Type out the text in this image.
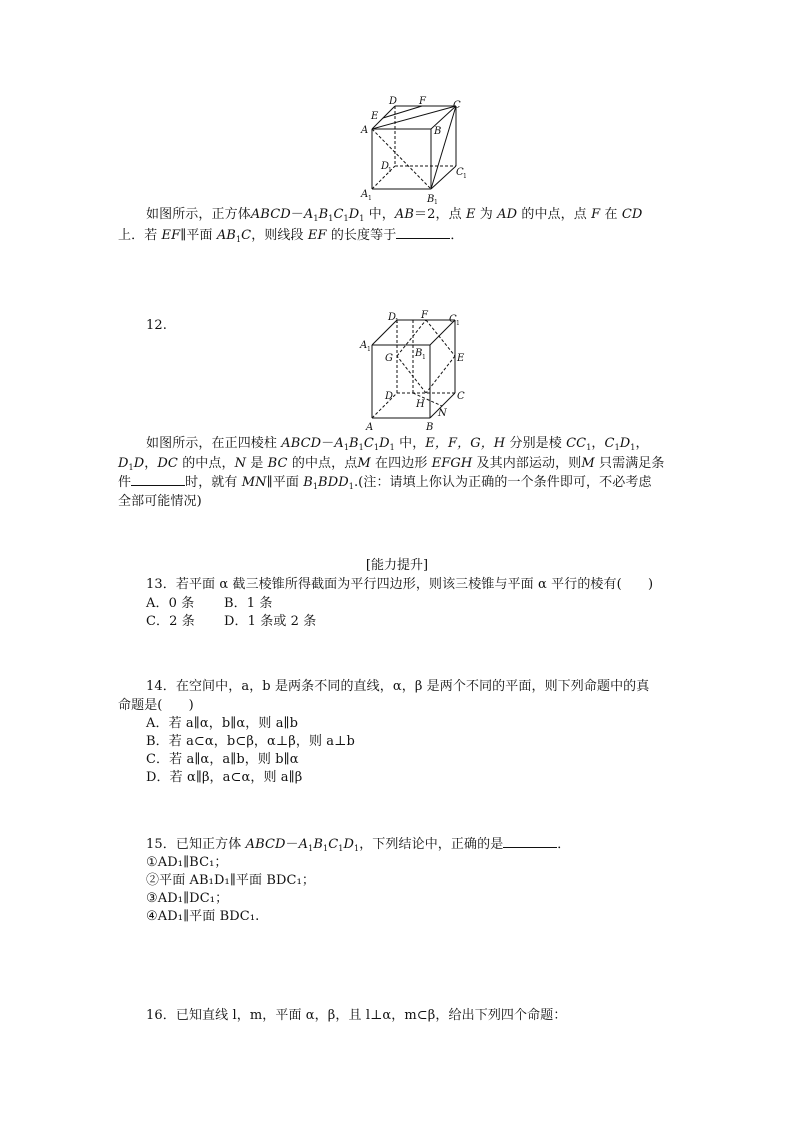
D F	C
E
A	B
D
1	C 1
A 1	B 1
如图所示，正方体$ABCD-A_1B_1C_1D_1$ 中，AB＝2，点 E 为 AD 的中点，点 F 在 CD
上．若 EF∥平面 $AB_1C$，则线段 EF 的长度等于	．
12.
D
1
F C 1
A 1
G B 1	E
D
H
C
N
A	B
如图所示，在正四棱柱 $ABCD-A_1B_1C_1D_1$ 中，E，F，G，H 分别是棱 $CC_1$，$C_1D_1$，
$D_1D$，DC 的中点，N 是 BC 的中点，点M 在四边形 EFGH 及其内部运动，则M 只需满足条
件	时，就有 MN∥平面 $B_1BDD_1$.(注：请填上你认为正确的一个条件即可，不必考虑
全部可能情况)
[能力提升]
13．若平面 α 截三棱锥所得截面为平行四边形，则该三棱锥与平面 α 平行的棱有(　　)
A．0 条 B．1 条
C．2 条 D．1 条或 2 条
14．在空间中，a，b 是两条不同的直线，α，β 是两个不同的平面，则下列命题中的真
命题是(　　)
A．若 a∥α，b∥α，则 a∥b
B．若 a⊂α，b⊂β，α⊥β，则 a⊥b
C．若 a∥α，a∥b，则 b∥α
D．若 α∥β，a⊂α，则 a∥β
15．已知正方体 $ABCD-A_1B_1C_1D_1$，下列结论中，正确的是	．
①AD₁∥BC₁；
②平面 AB₁D₁∥平面 BDC₁；
③AD₁∥DC₁；
④AD₁∥平面 BDC₁.
16．已知直线 l，m，平面 α，β，且 l⊥α，m⊂β，给出下列四个命题：
